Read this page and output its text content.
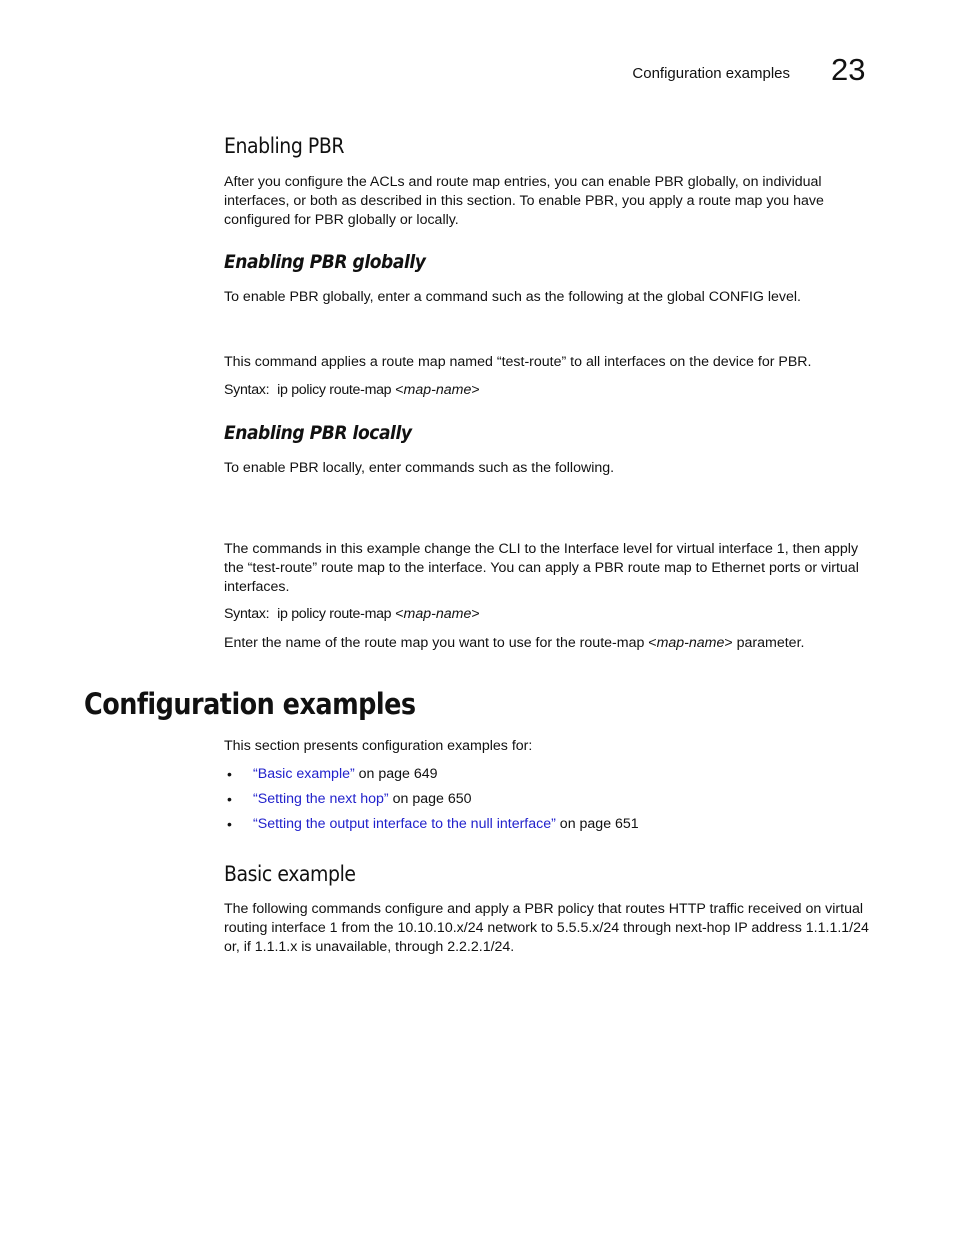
Configuration examples 23
Enabling PBR

After you configure the ACLs and route map entries, you can enable PBR globally, on individual interfaces, or both as described in this section. To enable PBR, you apply a route map you have configured for PBR globally or locally.

Enabling PBR globally

To enable PBR globally, enter a command such as the following at the global CONFIG level.

This command applies a route map named “test-route” to all interfaces on the device for PBR.

Syntax: ip policy route-map <map-name>
Enabling PBR locally

To enable PBR locally, enter commands such as the following.

The commands in this example change the CLI to the Interface level for virtual interface 1, then apply the “test-route” route map to the interface. You can apply a PBR route map to Ethernet ports or virtual interfaces.

Syntax: ip policy route-map <map-name>

Enter the name of the route map you want to use for the route-map <map-name> parameter.

Configuration examples

This section presents configuration examples for:

• “Basic example” on page 649
• “Setting the next hop” on page 650
• “Setting the output interface to the null interface” on page 651
Basic example

The following commands configure and apply a PBR policy that routes HTTP traffic received on virtual routing interface 1 from the 10.10.10.x/24 network to 5.5.5.x/24 through next-hop IP address 1.1.1.1/24 or, if 1.1.1.x is unavailable, through 2.2.2.1/24.
